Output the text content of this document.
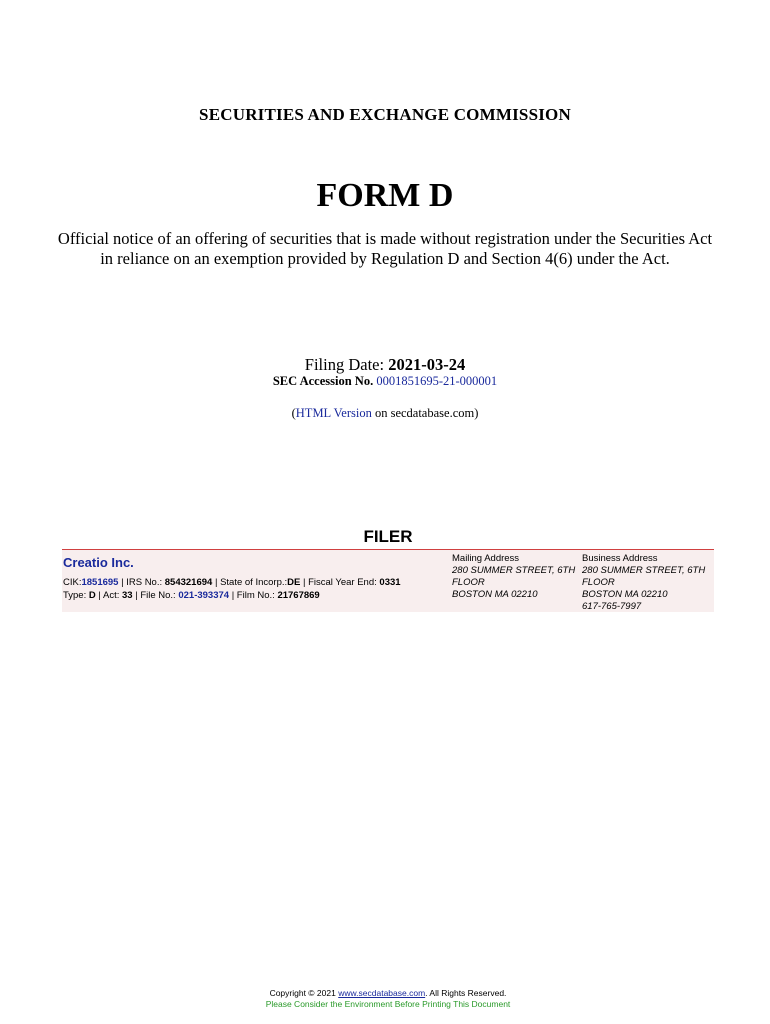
SECURITIES AND EXCHANGE COMMISSION
FORM D
Official notice of an offering of securities that is made without registration under the Securities Act in reliance on an exemption provided by Regulation D and Section 4(6) under the Act.
Filing Date: 2021-03-24
SEC Accession No. 0001851695-21-000001
(HTML Version on secdatabase.com)
FILER
Creatio Inc.
CIK:1851695 | IRS No.: 854321694 | State of Incorp.:DE | Fiscal Year End: 0331
Type: D | Act: 33 | File No.: 021-393374 | Film No.: 21767869
Mailing Address
280 SUMMER STREET, 6TH FLOOR
BOSTON MA 02210
Business Address
280 SUMMER STREET, 6TH FLOOR
BOSTON MA 02210
617-765-7997
Copyright © 2021 www.secdatabase.com. All Rights Reserved.
Please Consider the Environment Before Printing This Document
